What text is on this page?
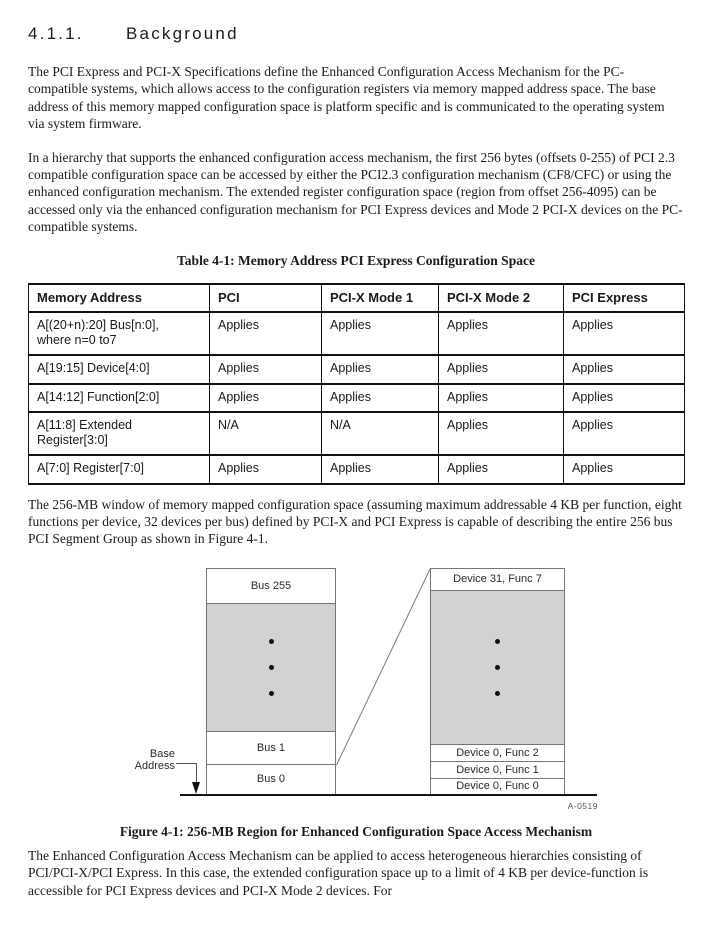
4.1.1. Background

The PCI Express and PCI-X Specifications define the Enhanced Configuration Access Mechanism for the PC-compatible systems, which allows access to the configuration registers via memory mapped address space. The base address of this memory mapped configuration space is platform specific and is communicated to the operating system via system firmware.

In a hierarchy that supports the enhanced configuration access mechanism, the first 256 bytes (offsets 0-255) of PCI 2.3 compatible configuration space can be accessed by either the PCI2.3 configuration mechanism (CF8/CFC) or using the enhanced configuration mechanism. The extended register configuration space (region from offset 256-4095) can be accessed only via the enhanced configuration mechanism for PCI Express devices and Mode 2 PCI-X devices on the PC-compatible systems.

Table 4-1: Memory Address PCI Express Configuration Space

Memory Address	PCI	PCI-X Mode 1	PCI-X Mode 2	PCI Express
A[(20+n):20] Bus[n:0], where n=0 to7	Applies	Applies	Applies	Applies
A[19:15] Device[4:0]	Applies	Applies	Applies	Applies
A[14:12] Function[2:0]	Applies	Applies	Applies	Applies
A[11:8] Extended Register[3:0]	N/A	N/A	Applies	Applies
A[7:0] Register[7:0]	Applies	Applies	Applies	Applies

The 256-MB window of memory mapped configuration space (assuming maximum addressable 4 KB per function, eight functions per device, 32 devices per bus) defined by PCI-X and PCI Express is capable of describing the entire 256 bus PCI Segment Group as shown in Figure 4-1.

Bus 255
Bus 1
Bus 0
Device 31, Func 7
Device 0, Func 2
Device 0, Func 1
Device 0, Func 0
Base
Address
A-0519

Figure 4-1: 256-MB Region for Enhanced Configuration Space Access Mechanism

The Enhanced Configuration Access Mechanism can be applied to access heterogeneous hierarchies consisting of PCI/PCI-X/PCI Express. In this case, the extended configuration space up to a limit of 4 KB per device-function is accessible for PCI Express devices and PCI-X Mode 2 devices. For
